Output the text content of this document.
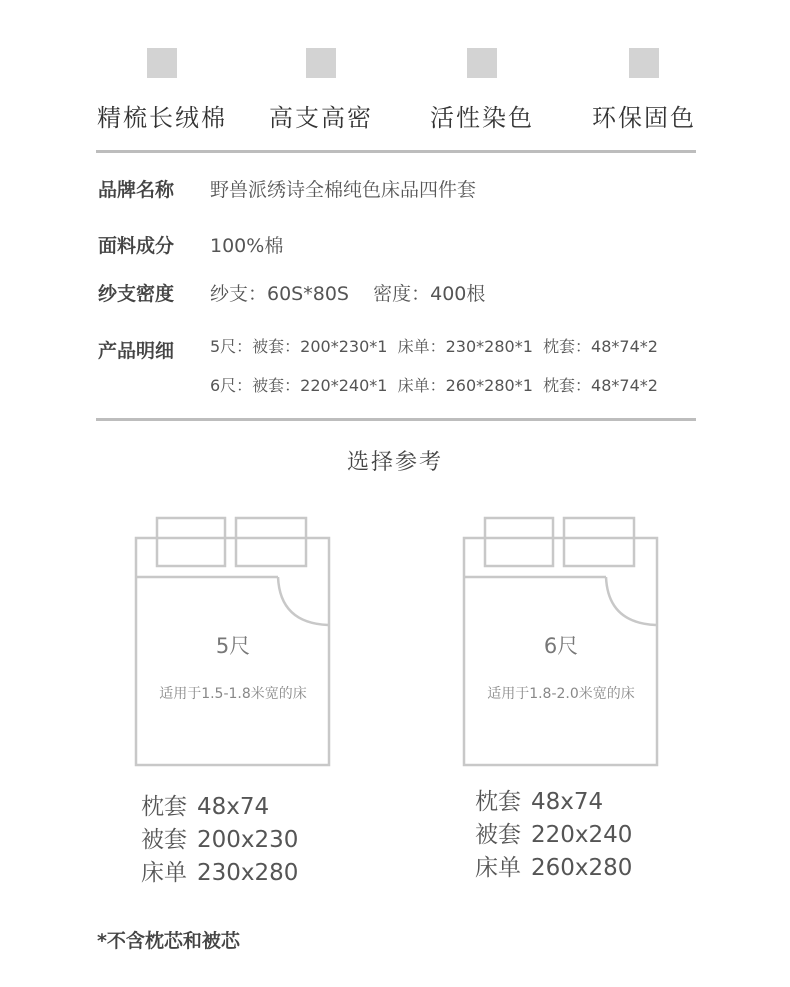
精梳长绒棉	高支高密	活性染色	环保固色
品牌名称 野兽派绣诗全棉纯色床品四件套
面料成分 100%棉
纱支密度 纱支：60S*80S    密度：400根
产品明细 5尺：被套：200*230*1  床单：230*280*1  枕套：48*74*2
6尺：被套：220*240*1  床单：260*280*1  枕套：48*74*2
选择参考
5尺
适用于1.5-1.8米宽的床
6尺
适用于1.8-2.0米宽的床
枕套 48x74
被套 200x230
床单 230x280
枕套 48x74
被套 220x240
床单 260x280
*不含枕芯和被芯
